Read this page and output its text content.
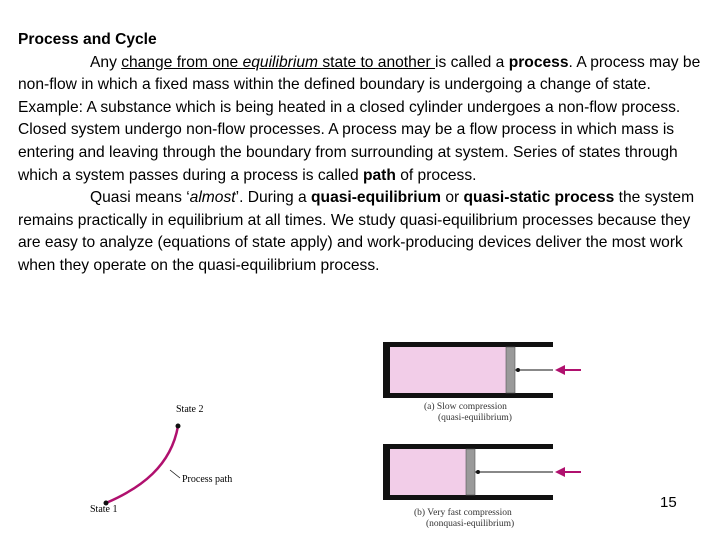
Process and Cycle

Any change from one equilibrium state to another is called a process. A process may be non-flow in which a fixed mass within the defined boundary is undergoing a change of state. Example: A substance which is being heated in a closed cylinder undergoes a non-flow process. Closed system undergo non-flow processes. A process may be a flow process in which mass is entering and leaving through the boundary from surrounding at system. Series of states through which a system passes during a process is called path of process.

Quasi means ‘almost’. During a quasi-equilibrium or quasi-static process the system remains practically in equilibrium at all times. We study quasi-equilibrium processes because they are easy to analyze (equations of state apply) and work-producing devices deliver the most work when they operate on the quasi-equilibrium process.

State 2
Process path
State 1
(a) Slow compression
(quasi-equilibrium)
(b) Very fast compression
(nonquasi-equilibrium)
15
